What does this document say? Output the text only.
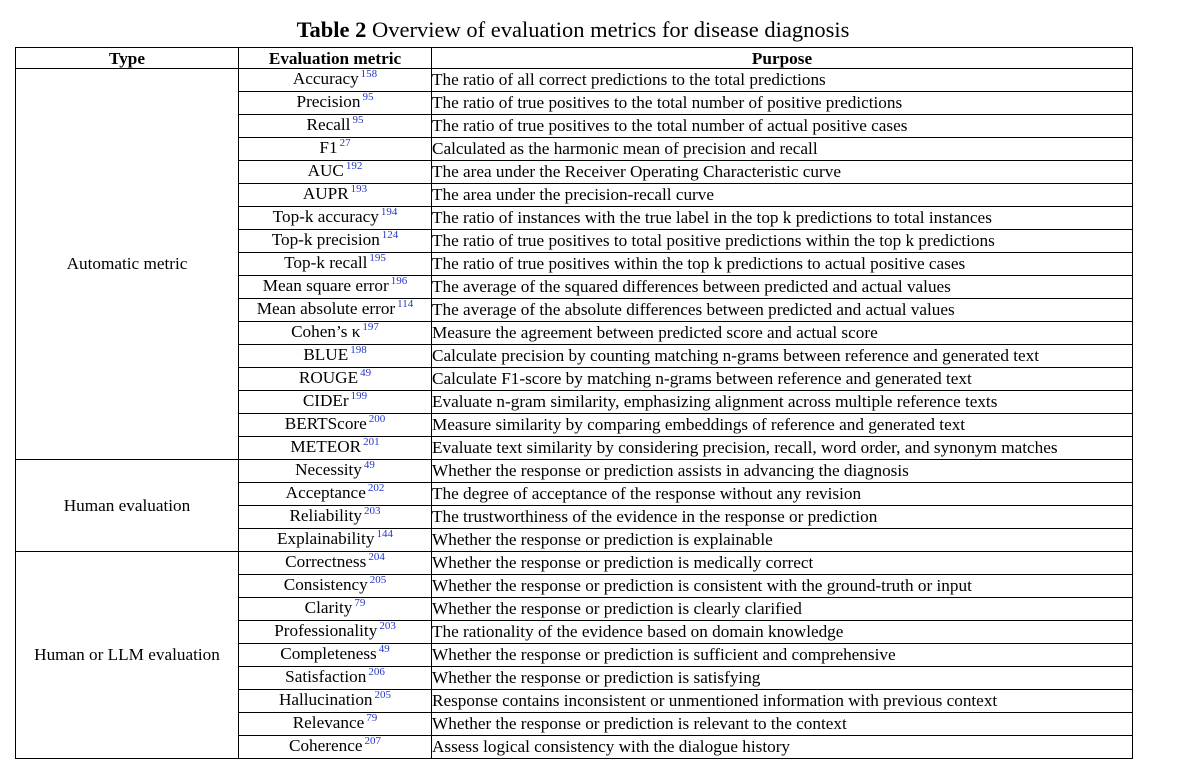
Table 2 Overview of evaluation metrics for disease diagnosis
Type	Evaluation metric	Purpose
Automatic metric	Accuracy $^{158}$	The ratio of all correct predictions to the total predictions
	Precision $^{95}$	The ratio of true positives to the total number of positive predictions
	Recall $^{95}$	The ratio of true positives to the total number of actual positive cases
	F1 $^{27}$	Calculated as the harmonic mean of precision and recall
	AUC $^{192}$	The area under the Receiver Operating Characteristic curve
	AUPR $^{193}$	The area under the precision-recall curve
	Top-k accuracy $^{194}$	The ratio of instances with the true label in the top k predictions to total instances
	Top-k precision $^{124}$	The ratio of true positives to total positive predictions within the top k predictions
	Top-k recall $^{195}$	The ratio of true positives within the top k predictions to actual positive cases
	Mean square error $^{196}$	The average of the squared differences between predicted and actual values
	Mean absolute error $^{114}$	The average of the absolute differences between predicted and actual values
	Cohen’s κ $^{197}$	Measure the agreement between predicted score and actual score
	BLUE $^{198}$	Calculate precision by counting matching n-grams between reference and generated text
	ROUGE $^{49}$	Calculate F1-score by matching n-grams between reference and generated text
	CIDEr $^{199}$	Evaluate n-gram similarity, emphasizing alignment across multiple reference texts
	BERTScore $^{200}$	Measure similarity by comparing embeddings of reference and generated text
	METEOR $^{201}$	Evaluate text similarity by considering precision, recall, word order, and synonym matches
Human evaluation	Necessity $^{49}$	Whether the response or prediction assists in advancing the diagnosis
	Acceptance $^{202}$	The degree of acceptance of the response without any revision
	Reliability $^{203}$	The trustworthiness of the evidence in the response or prediction
	Explainability $^{144}$	Whether the response or prediction is explainable
Human or LLM evaluation	Correctness $^{204}$	Whether the response or prediction is medically correct
	Consistency $^{205}$	Whether the response or prediction is consistent with the ground-truth or input
	Clarity $^{79}$	Whether the response or prediction is clearly clarified
	Professionality $^{203}$	The rationality of the evidence based on domain knowledge
	Completeness $^{49}$	Whether the response or prediction is sufficient and comprehensive
	Satisfaction $^{206}$	Whether the response or prediction is satisfying
	Hallucination $^{205}$	Response contains inconsistent or unmentioned information with previous context
	Relevance $^{79}$	Whether the response or prediction is relevant to the context
	Coherence $^{207}$	Assess logical consistency with the dialogue history
